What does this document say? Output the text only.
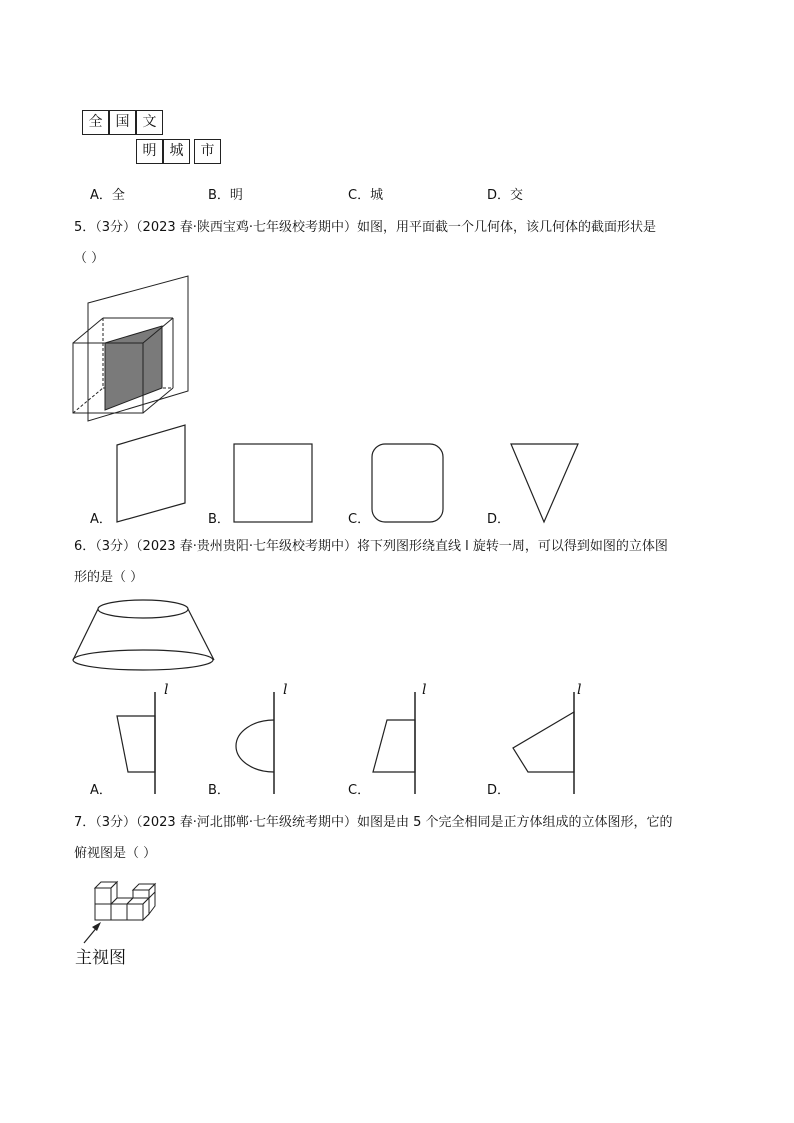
全 国 文
明 城	市
A．全	B．明	C．城	D．交
5．（3分）（2023 春·陕西宝鸡·七年级校考期中）如图，用平面截一个几何体，该几何体的截面形状是
（ ）
A．	B．	C．	D．
6．（3分）（2023 春·贵州贵阳·七年级校考期中）将下列图形绕直线 l 旋转一周，可以得到如图的立体图
形的是（ ）
A．
l
B．
l
C．
l
D．
l
7．（3分）（2023 春·河北邯郸·七年级统考期中）如图是由 5 个完全相同是正方体组成的立体图形，它的
俯视图是（ ）
主视图
